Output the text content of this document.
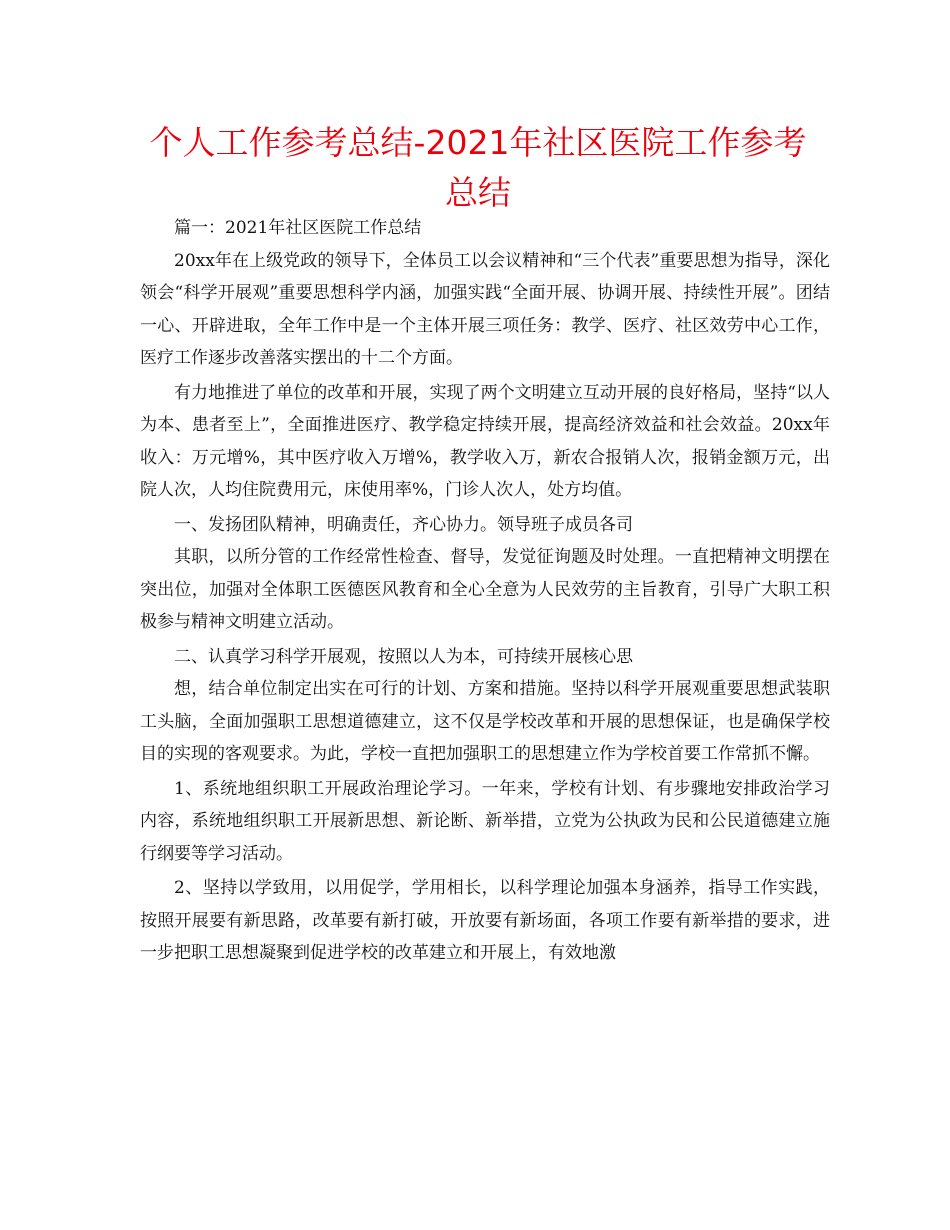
个人工作参考总结-2021年社区医院工作参考总结

篇一：2021年社区医院工作总结

20xx年在上级党政的领导下，全体员工以会议精神和“三个代表”重要思想为指导，深化领会“科学开展观”重要思想科学内涵，加强实践“全面开展、协调开展、持续性开展”。团结一心、开辟进取，全年工作中是一个主体开展三项任务：教学、医疗、社区效劳中心工作，医疗工作逐步改善落实摆出的十二个方面。

有力地推进了单位的改革和开展，实现了两个文明建立互动开展的良好格局，坚持“以人为本、患者至上”，全面推进医疗、教学稳定持续开展，提高经济效益和社会效益。20xx年收入：万元增%，其中医疗收入万增%，教学收入万，新农合报销人次，报销金额万元，出院人次，人均住院费用元，床使用率%，门诊人次人，处方均值。

一、发扬团队精神，明确责任，齐心协力。领导班子成员各司

其职，以所分管的工作经常性检查、督导，发觉征询题及时处理。一直把精神文明摆在突出位，加强对全体职工医德医风教育和全心全意为人民效劳的主旨教育，引导广大职工积极参与精神文明建立活动。

二、认真学习科学开展观，按照以人为本，可持续开展核心思

想，结合单位制定出实在可行的计划、方案和措施。坚持以科学开展观重要思想武装职工头脑，全面加强职工思想道德建立，这不仅是学校改革和开展的思想保证，也是确保学校目的实现的客观要求。为此，学校一直把加强职工的思想建立作为学校首要工作常抓不懈。

1、系统地组织职工开展政治理论学习。一年来，学校有计划、有步骤地安排政治学习内容，系统地组织职工开展新思想、新论断、新举措，立党为公执政为民和公民道德建立施行纲要等学习活动。

2、坚持以学致用，以用促学，学用相长，以科学理论加强本身涵养，指导工作实践，按照开展要有新思路，改革要有新打破，开放要有新场面，各项工作要有新举措的要求，进一步把职工思想凝聚到促进学校的改革建立和开展上，有效地激
